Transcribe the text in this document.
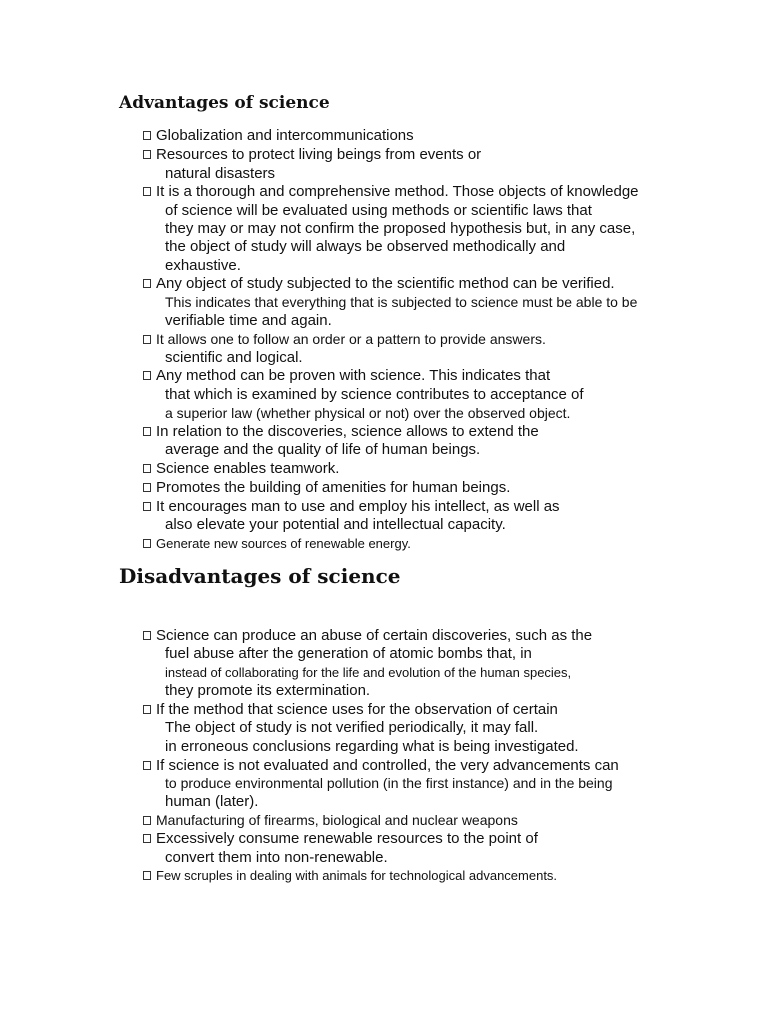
Advantages of science
Globalization and intercommunications
Resources to protect living beings from events or
natural disasters
It is a thorough and comprehensive method. Those objects of knowledge
of science will be evaluated using methods or scientific laws that
they may or may not confirm the proposed hypothesis but, in any case,
the object of study will always be observed methodically and
exhaustive.
Any object of study subjected to the scientific method can be verified.
This indicates that everything that is subjected to science must be able to be
verifiable time and again.
It allows one to follow an order or a pattern to provide answers.
scientific and logical.
Any method can be proven with science. This indicates that
that which is examined by science contributes to acceptance of
a superior law (whether physical or not) over the observed object.
In relation to the discoveries, science allows to extend the
average and the quality of life of human beings.
Science enables teamwork.
Promotes the building of amenities for human beings.
It encourages man to use and employ his intellect, as well as
also elevate your potential and intellectual capacity.
Generate new sources of renewable energy.
Disadvantages of science
Science can produce an abuse of certain discoveries, such as the
fuel abuse after the generation of atomic bombs that, in
instead of collaborating for the life and evolution of the human species,
they promote its extermination.
If the method that science uses for the observation of certain
The object of study is not verified periodically, it may fall.
in erroneous conclusions regarding what is being investigated.
If science is not evaluated and controlled, the very advancements can
to produce environmental pollution (in the first instance) and in the being
human (later).
Manufacturing of firearms, biological and nuclear weapons
Excessively consume renewable resources to the point of
convert them into non-renewable.
Few scruples in dealing with animals for technological advancements.
